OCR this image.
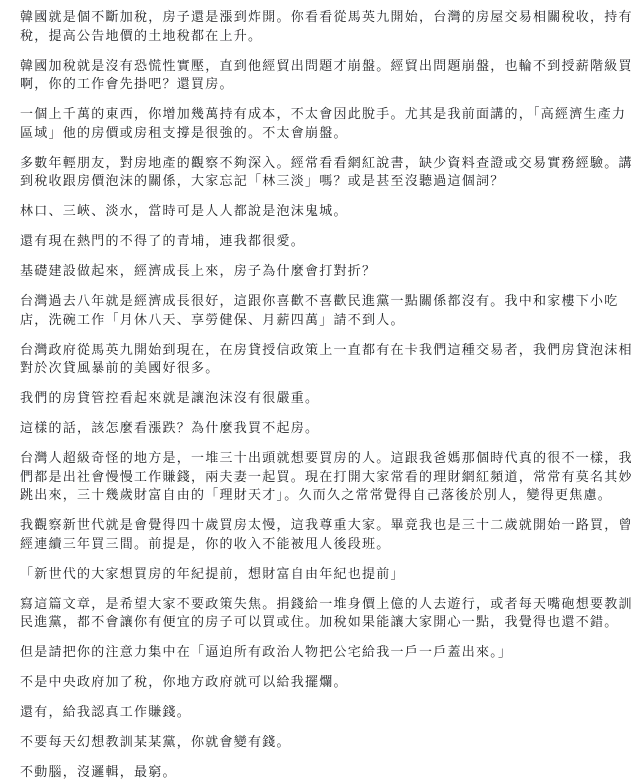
韓國就是個不斷加稅，房子還是漲到炸開。你看看從馬英九開始，台灣的房屋交易相關稅收，持有稅，提高公告地價的土地稅都在上升。

韓國加稅就是沒有恐慌性實壓，直到他經貿出問題才崩盤。經貿出問題崩盤，也輪不到授薪階級買啊，你的工作會先掛吧？還買房。

一個上千萬的東西，你增加幾萬持有成本，不太會因此脫手。尤其是我前面講的，「高經濟生產力區域」他的房價或房租支撐是很強的。不太會崩盤。

多數年輕朋友，對房地產的觀察不夠深入。經常看看網紅說書，缺少資料查證或交易實務經驗。講到稅收跟房價泡沫的關係，大家忘記「林三淡」嗎？或是甚至沒聽過這個詞？

林口、三峽、淡水，當時可是人人都說是泡沫鬼城。

還有現在熱門的不得了的青埔，連我都很愛。

基礎建設做起來，經濟成長上來，房子為什麼會打對折？

台灣過去八年就是經濟成長很好，這跟你喜歡不喜歡民進黨一點關係都沒有。我中和家樓下小吃店，洗碗工作「月休八天、享勞健保、月薪四萬」請不到人。

台灣政府從馬英九開始到現在，在房貸授信政策上一直都有在卡我們這種交易者，我們房貸泡沫相對於次貸風暴前的美國好很多。

我們的房貸管控看起來就是讓泡沫沒有很嚴重。

這樣的話，該怎麼看漲跌？為什麼我買不起房。

台灣人超級奇怪的地方是，一堆三十出頭就想要買房的人。這跟我爸媽那個時代真的很不一樣，我們都是出社會慢慢工作賺錢，兩夫妻一起買。現在打開大家常看的理財網紅頻道，常常有莫名其妙跳出來，三十幾歲財富自由的「理財天才」。久而久之常常覺得自己落後於別人，變得更焦慮。

我觀察新世代就是會覺得四十歲買房太慢，這我尊重大家。畢竟我也是三十二歲就開始一路買，曾經連續三年買三間。前提是，你的收入不能被甩人後段班。

「新世代的大家想買房的年紀提前，想財富自由年紀也提前」

寫這篇文章，是希望大家不要政策失焦。捐錢給一堆身價上億的人去遊行，或者每天嘴砲想要教訓民進黨，都不會讓你有便宜的房子可以買或住。加稅如果能讓大家開心一點，我覺得也還不錯。

但是請把你的注意力集中在「逼迫所有政治人物把公宅給我一戶一戶蓋出來。」

不是中央政府加了稅，你地方政府就可以給我擺爛。

還有，給我認真工作賺錢。

不要每天幻想教訓某某黨，你就會變有錢。

不動腦，沒邏輯，最窮。
